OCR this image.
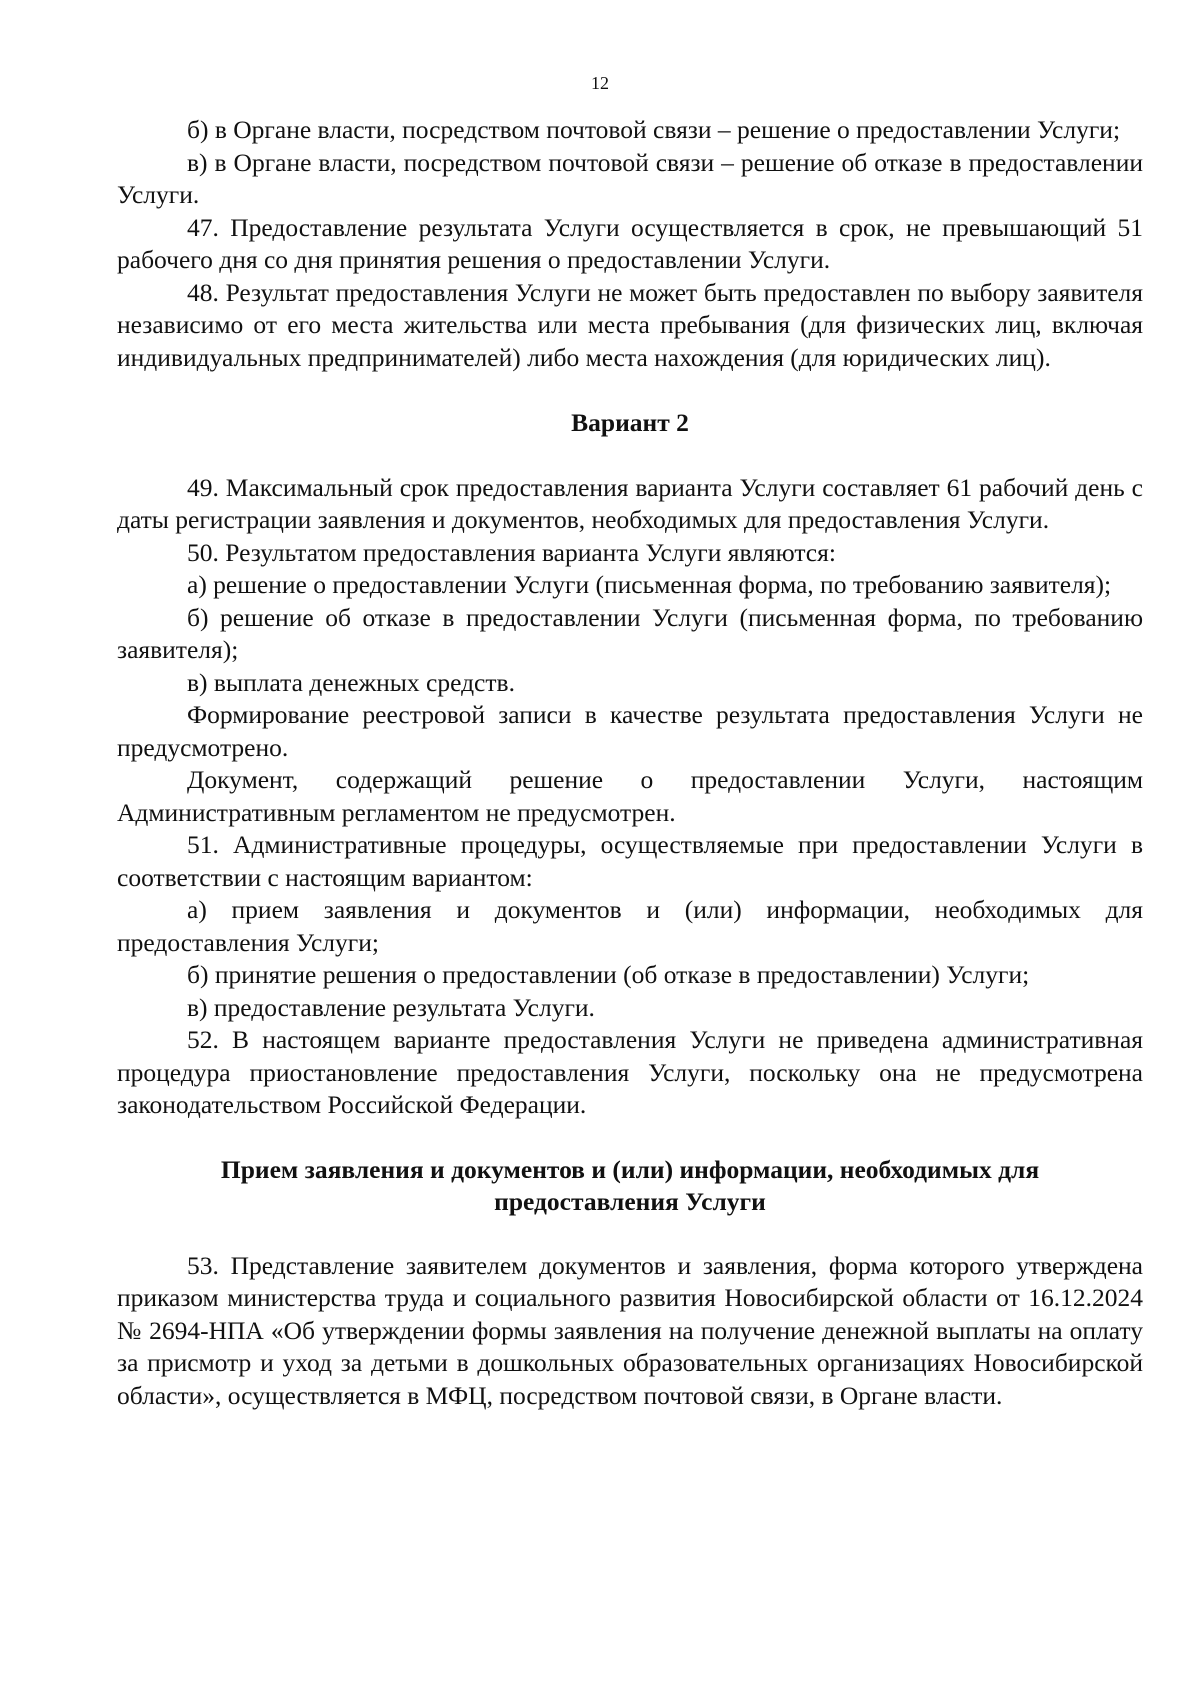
12

б) в Органе власти, посредством почтовой связи – решение о предоставлении Услуги;

в) в Органе власти, посредством почтовой связи – решение об отказе в предоставлении Услуги.

47. Предоставление результата Услуги осуществляется в срок, не превышающий 51 рабочего дня со дня принятия решения о предоставлении Услуги.

48. Результат предоставления Услуги не может быть предоставлен по выбору заявителя независимо от его места жительства или места пребывания (для физических лиц, включая индивидуальных предпринимателей) либо места нахождения (для юридических лиц).

Вариант 2

49. Максимальный срок предоставления варианта Услуги составляет 61 рабочий день с даты регистрации заявления и документов, необходимых для предоставления Услуги.

50. Результатом предоставления варианта Услуги являются:

а) решение о предоставлении Услуги (письменная форма, по требованию заявителя);

б) решение об отказе в предоставлении Услуги (письменная форма, по требованию заявителя);

в) выплата денежных средств.

Формирование реестровой записи в качестве результата предоставления Услуги не предусмотрено.

Документ, содержащий решение о предоставлении Услуги, настоящим Административным регламентом не предусмотрен.

51. Административные процедуры, осуществляемые при предоставлении Услуги в соответствии с настоящим вариантом:

а) прием заявления и документов и (или) информации, необходимых для предоставления Услуги;

б) принятие решения о предоставлении (об отказе в предоставлении) Услуги;

в) предоставление результата Услуги.

52. В настоящем варианте предоставления Услуги не приведена административная процедура приостановление предоставления Услуги, поскольку она не предусмотрена законодательством Российской Федерации.

Прием заявления и документов и (или) информации, необходимых для
предоставления Услуги

53. Представление заявителем документов и заявления, форма которого утверждена приказом министерства труда и социального развития Новосибирской области от 16.12.2024 № 2694-НПА «Об утверждении формы заявления на получение денежной выплаты на оплату за присмотр и уход за детьми в дошкольных образовательных организациях Новосибирской области», осуществляется в МФЦ, посредством почтовой связи, в Органе власти.
